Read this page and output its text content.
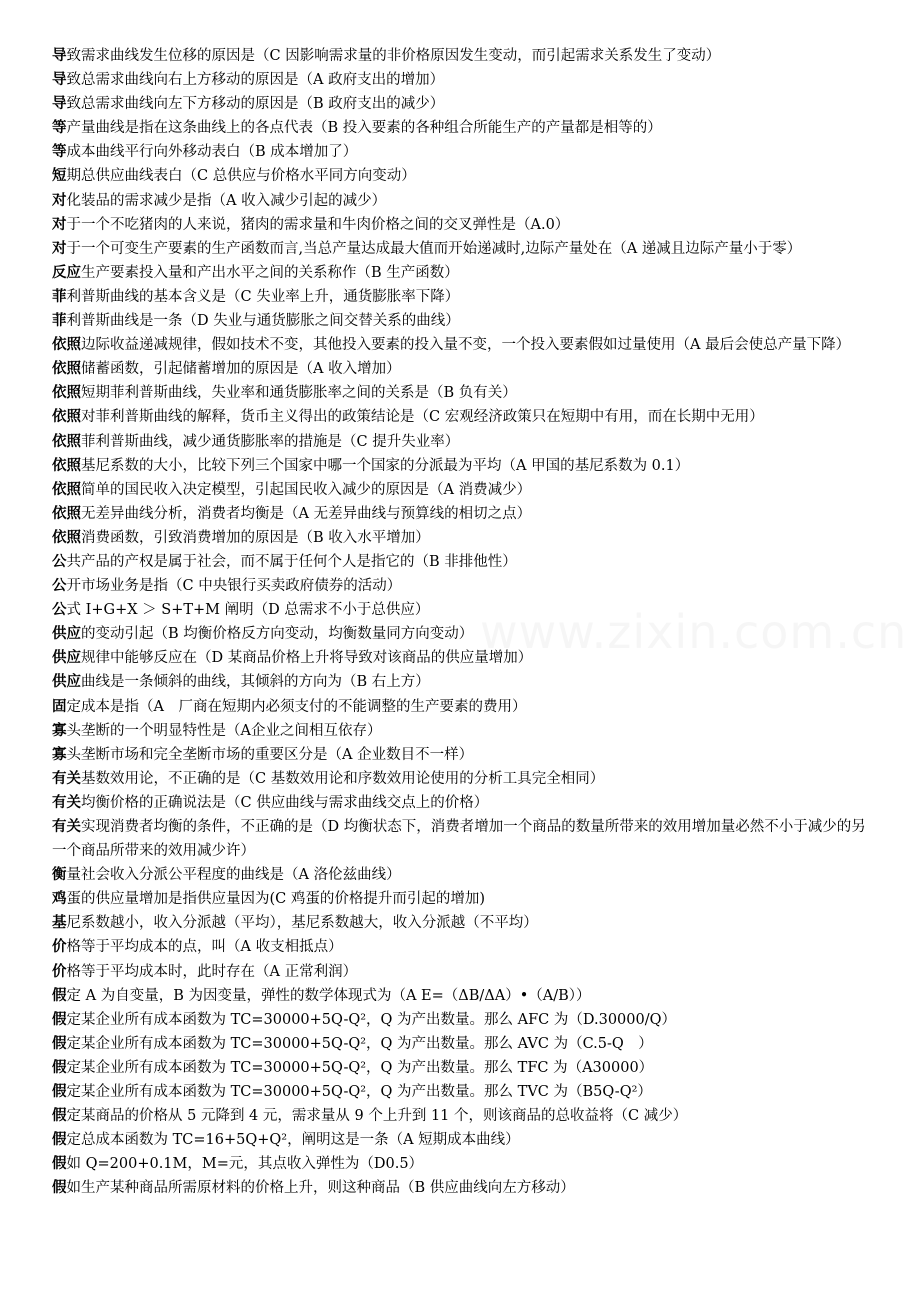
www.zixin.com.cn

导致需求曲线发生位移的原因是（C 因影响需求量的非价格原因发生变动，而引起需求关系发生了变动）

导致总需求曲线向右上方移动的原因是（A 政府支出的增加）

导致总需求曲线向左下方移动的原因是（B 政府支出的减少）

等产量曲线是指在这条曲线上的各点代表（B 投入要素的各种组合所能生产的产量都是相等的）

等成本曲线平行向外移动表白（B 成本增加了）

短期总供应曲线表白（C 总供应与价格水平同方向变动）

对化装品的需求减少是指（A 收入减少引起的减少）

对于一个不吃猪肉的人来说，猪肉的需求量和牛肉价格之间的交叉弹性是（A.0）

对于一个可变生产要素的生产函数而言,当总产量达成最大值而开始递减时,边际产量处在（A 递减且边际产量小于零）

反应生产要素投入量和产出水平之间的关系称作（B 生产函数）

菲利普斯曲线的基本含义是（C 失业率上升，通货膨胀率下降）

菲利普斯曲线是一条（D 失业与通货膨胀之间交替关系的曲线）

依照边际收益递减规律，假如技术不变，其他投入要素的投入量不变，一个投入要素假如过量使用（A 最后会使总产量下降）

依照储蓄函数，引起储蓄增加的原因是（A 收入增加）

依照短期菲利普斯曲线，失业率和通货膨胀率之间的关系是（B 负有关）

依照对菲利普斯曲线的解释，货币主义得出的政策结论是（C 宏观经济政策只在短期中有用，而在长期中无用）

依照菲利普斯曲线，减少通货膨胀率的措施是（C 提升失业率）

依照基尼系数的大小，比较下列三个国家中哪一个国家的分派最为平均（A 甲国的基尼系数为 0.1）

依照简单的国民收入决定模型，引起国民收入减少的原因是（A 消费减少）

依照无差异曲线分析，消费者均衡是（A 无差异曲线与预算线的相切之点）

依照消费函数，引致消费增加的原因是（B 收入水平增加）

公共产品的产权是属于社会，而不属于任何个人是指它的（B 非排他性）

公开市场业务是指（C 中央银行买卖政府债券的活动）

公式 I+G+X ＞ S+T+M 阐明（D 总需求不小于总供应）

供应的变动引起（B 均衡价格反方向变动，均衡数量同方向变动）

供应规律中能够反应在（D 某商品价格上升将导致对该商品的供应量增加）

供应曲线是一条倾斜的曲线，其倾斜的方向为（B 右上方）

固定成本是指（A　厂商在短期内必须支付的不能调整的生产要素的费用）

寡头垄断的一个明显特性是（A企业之间相互依存）

寡头垄断市场和完全垄断市场的重要区分是（A 企业数目不一样）

有关基数效用论，不正确的是（C 基数效用论和序数效用论使用的分析工具完全相同）

有关均衡价格的正确说法是（C 供应曲线与需求曲线交点上的价格）

有关实现消费者均衡的条件，不正确的是（D 均衡状态下，消费者增加一个商品的数量所带来的效用增加量必然不小于减少的另一个商品所带来的效用减少许）

衡量社会收入分派公平程度的曲线是（A 洛伦兹曲线）

鸡蛋的供应量增加是指供应量因为(C 鸡蛋的价格提升而引起的增加)

基尼系数越小，收入分派越（平均），基尼系数越大，收入分派越（不平均）

价格等于平均成本的点，叫（A 收支相抵点）

价格等于平均成本时，此时存在（A 正常利润）

假定 A 为自变量，B 为因变量，弹性的数学体现式为（A E=（ΔB/ΔA）•（A/B））

假定某企业所有成本函数为 TC=30000+5Q-Q²，Q 为产出数量。那么 AFC 为（D.30000/Q）

假定某企业所有成本函数为 TC=30000+5Q-Q²，Q 为产出数量。那么 AVC 为（C.5-Q　）

假定某企业所有成本函数为 TC=30000+5Q-Q²，Q 为产出数量。那么 TFC 为（A30000）

假定某企业所有成本函数为 TC=30000+5Q-Q²，Q 为产出数量。那么 TVC 为（B5Q-Q²）

假定某商品的价格从 5 元降到 4 元，需求量从 9 个上升到 11 个，则该商品的总收益将（C 减少）

假定总成本函数为 TC=16+5Q+Q²，阐明这是一条（A 短期成本曲线）

假如 Q=200+0.1M，M=元，其点收入弹性为（D0.5）

假如生产某种商品所需原材料的价格上升，则这种商品（B 供应曲线向左方移动）
